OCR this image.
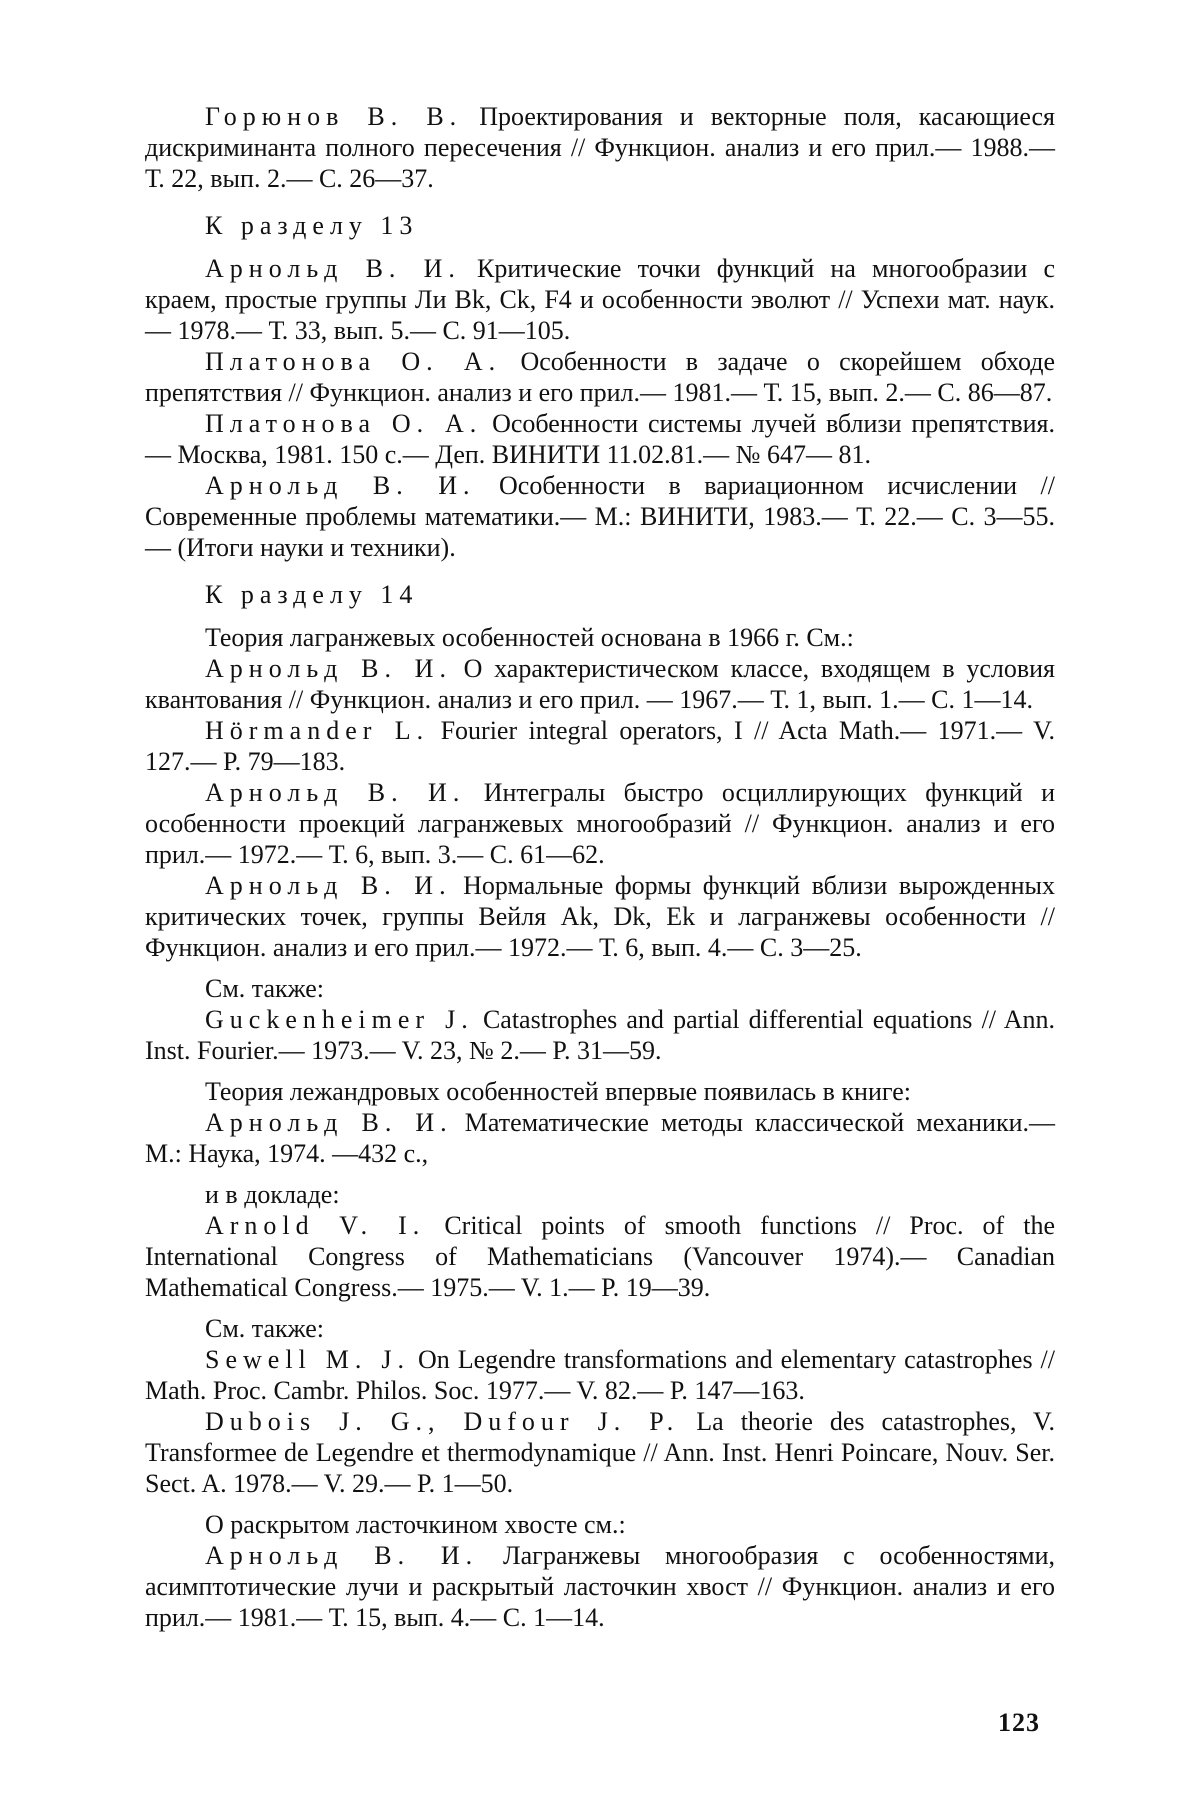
Горюнов В. В. Проектирования и векторные поля, касающиеся дискриминанта полного пересечения // Функцион. анализ и его прил.— 1988.— Т. 22, вып. 2.— С. 26—37.

К разделу 13

Арнольд В. И. Критические точки функций на многообразии с краем, простые группы Ли Bk, Ck, F4 и особенности эволют // Успехи мат. наук.— 1978.— Т. 33, вып. 5.— С. 91—105.

Платонова О. А. Особенности в задаче о скорейшем обходе препятствия // Функцион. анализ и его прил.— 1981.— Т. 15, вып. 2.— С. 86—87.

Платонова О. А. Особенности системы лучей вблизи препятствия.— Москва, 1981. 150 с.— Деп. ВИНИТИ 11.02.81.— № 647— 81.

Арнольд В. И. Особенности в вариационном исчислении // Современные проблемы математики.— М.: ВИНИТИ, 1983.— Т. 22.— С. 3—55.— (Итоги науки и техники).

К разделу 14

Теория лагранжевых особенностей основана в 1966 г. См.:

Арнольд В. И. О характеристическом классе, входящем в условия квантования // Функцион. анализ и его прил. — 1967.— Т. 1, вып. 1.— С. 1—14.

Hörmander L. Fourier integral operators, I // Acta Math.— 1971.— V. 127.— P. 79—183.

Арнольд В. И. Интегралы быстро осциллирующих функций и особенности проекций лагранжевых многообразий // Функцион. анализ и его прил.— 1972.— Т. 6, вып. 3.— С. 61—62.

Арнольд В. И. Нормальные формы функций вблизи вырожденных критических точек, группы Вейля Ak, Dk, Ek и лагранжевы особенности // Функцион. анализ и его прил.— 1972.— Т. 6, вып. 4.— С. 3—25.

См. также:

Guckenheimer J. Catastrophes and partial differential equations // Ann. Inst. Fourier.— 1973.— V. 23, № 2.— P. 31—59.

Теория лежандровых особенностей впервые появилась в книге:

Арнольд В. И. Математические методы классической механики.— М.: Наука, 1974. —432 с.,

и в докладе:

Arnold V. I. Critical points of smooth functions // Proc. of the International Congress of Mathematicians (Vancouver 1974).— Canadian Mathematical Congress.— 1975.— V. 1.— P. 19—39.

См. также:

Sewell M. J. On Legendre transformations and elementary catastrophes // Math. Proc. Cambr. Philos. Soc. 1977.— V. 82.— P. 147—163.

Dubois J. G., Dufour J. P. La theorie des catastrophes, V. Transformee de Legendre et thermodynamique // Ann. Inst. Henri Poincare, Nouv. Ser. Sect. A. 1978.— V. 29.— P. 1—50.

О раскрытом ласточкином хвосте см.:

Арнольд В. И. Лагранжевы многообразия с особенностями, асимптотические лучи и раскрытый ласточкин хвост // Функцион. анализ и его прил.— 1981.— Т. 15, вып. 4.— С. 1—14.

123
